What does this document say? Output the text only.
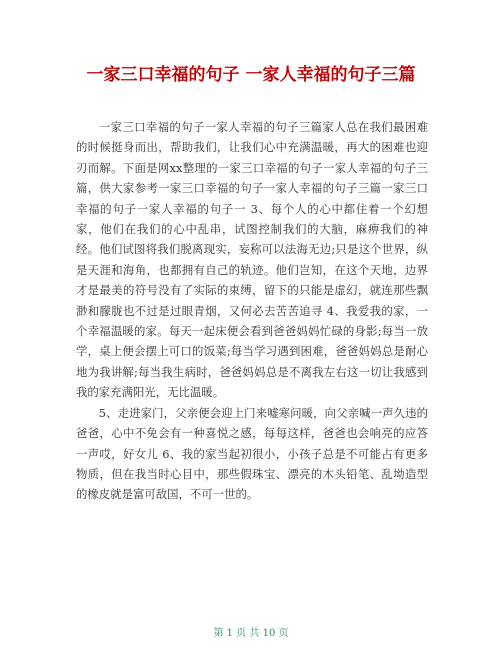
一家三口幸福的句子 一家人幸福的句子三篇

一家三口幸福的句子一家人幸福的句子三篇家人总在我们最困难的时候挺身而出，帮助我们，让我们心中充满温暖，再大的困难也迎刃而解。下面是网xx整理的一家三口幸福的句子一家人幸福的句子三篇，供大家参考一家三口幸福的句子一家人幸福的句子三篇一家三口幸福的句子一家人幸福的句子一 3、每个人的心中都住着一个幻想家，他们在我们的心中乱串，试图控制我们的大脑，麻痹我们的神经。他们试图将我们脱离现实，妄称可以法海无边;只是这个世界，纵是天涯和海角，也都拥有自己的轨迹。他们岂知，在这个天地，边界才是最美的符号没有了实际的束缚，留下的只能是虚幻，就连那些飘渺和朦胧也不过是过眼青烟，又何必去苦苦追寻 4、我爱我的家，一个幸福温暖的家。每天一起床便会看到爸爸妈妈忙碌的身影;每当一放学，桌上便会摆上可口的饭菜;每当学习遇到困难，爸爸妈妈总是耐心地为我讲解;每当我生病时，爸爸妈妈总是不离我左右这一切让我感到我的家充满阳光，无比温暖。

5、走进家门，父亲便会迎上门来嘘寒问暖，向父亲喊一声久违的爸爸，心中不免会有一种喜悦之感，每每这样，爸爸也会响亮的应答一声哎，好女儿 6、我的家当起初很小，小孩子总是不可能占有更多物质，但在我当时心目中，那些假珠宝、漂亮的木头铅笔、乱坳造型的橡皮就是富可敌国，不可一世的。

第 1 页 共 10 页
